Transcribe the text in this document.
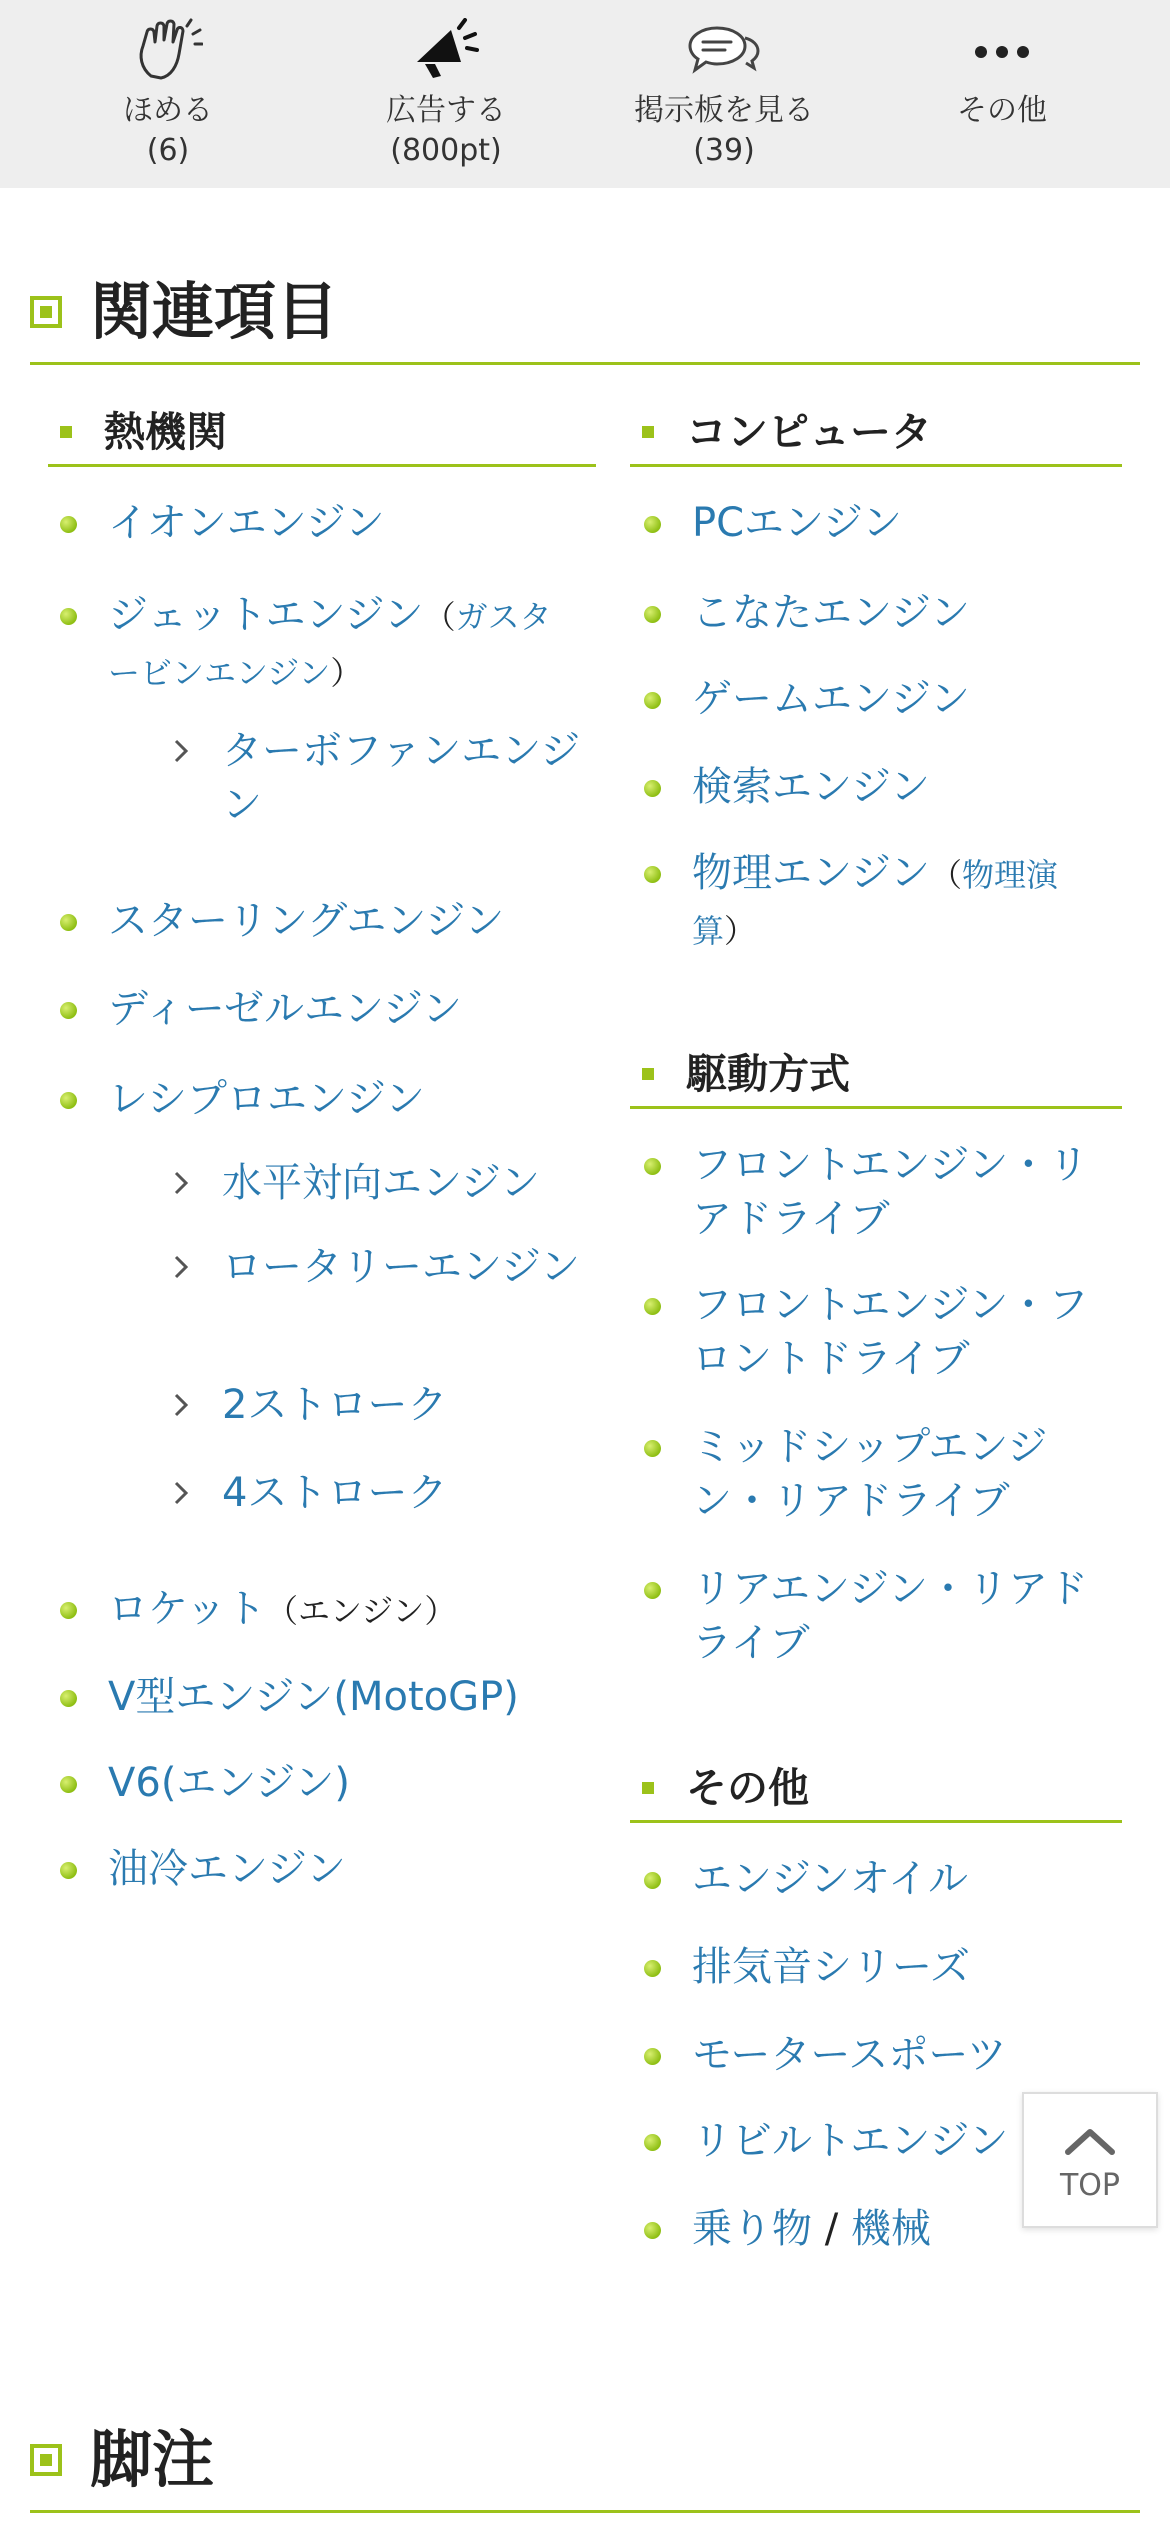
ほめる
(6)
広告する
(800pt)
掲示板を見る
(39)
その他
関連項目
熱機関
イオンエンジン
ジェットエンジン（ガスタービンエンジン）
ターボファンエンジン
スターリングエンジン
ディーゼルエンジン
レシプロエンジン
水平対向エンジン
ロータリーエンジン
2ストローク
4ストローク
ロケット（エンジン）
V型エンジン(MotoGP)
V6(エンジン)
油冷エンジン
コンピュータ
PCエンジン
こなたエンジン
ゲームエンジン
検索エンジン
物理エンジン（物理演算）
駆動方式
フロントエンジン・リアドライブ
フロントエンジン・フロントドライブ
ミッドシップエンジン・リアドライブ
リアエンジン・リアドライブ
その他
エンジンオイル
排気音シリーズ
モータースポーツ
リビルトエンジン
乗り物 / 機械
脚注
TOP
